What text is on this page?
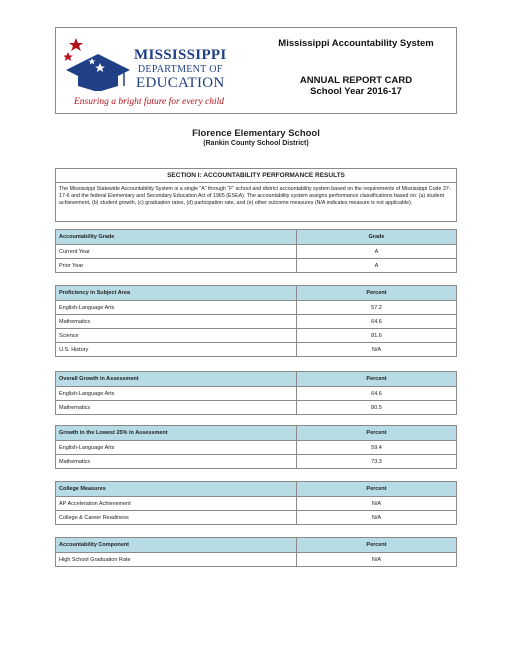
MISSISSIPPI
DEPARTMENT OF
EDUCATION
Ensuring a bright future for every child
Mississippi Accountability System
ANNUAL REPORT CARD
School Year 2016-17
Florence Elementary School
(Rankin County School District)
SECTION I: ACCOUNTABILITY PERFORMANCE RESULTS
The Mississippi Statewide Accountability System is a single “A” through “F” school and district accountability system based on the requirements of Mississippi Code 37-17-6 and the federal Elementary and Secondary Education Act of 1965 (ESEA). The accountability system assigns performance classifications based on: (a) student achievement, (b) student growth, (c) graduation rates, (d) participation rate, and (e) other outcome measures (N/A indicates measure is not applicable).
Accountability Grade	Grade
Current Year	A
Prior Year	A
Proficiency in Subject Area	Percent
English-Language Arts	57.2
Mathematics	64.6
Science	81.6
U.S. History	N/A
Overall Growth in Assessment	Percent
English-Language Arts	64.6
Mathematics	80.5
Growth in the Lowest 25% in Assessment	Percent
English-Language Arts	59.4
Mathematics	73.3
College Measures	Percent
AP Acceleration Achievement	N/A
College & Career Readiness	N/A
Accountability Component	Percent
High School Graduation Rate	N/A
